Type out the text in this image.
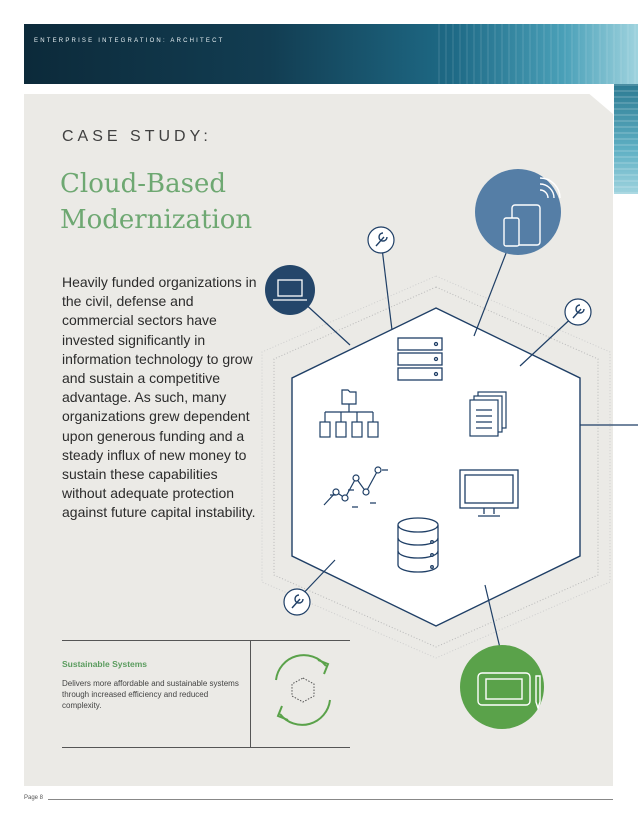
ENTERPRISE INTEGRATION: ARCHITECT
CASE STUDY:
Cloud-Based
Modernization

Heavily funded organizations in the civil, defense and commercial sectors have invested significantly in information technology to grow and sustain a competitive advantage. As such, many organizations grew dependent upon generous funding and a steady influx of new money to sustain these capabilities without adequate protection against future capital instability.

Sustainable Systems
Delivers more affordable and sustainable systems through increased efficiency and reduced complexity.
Page 8
